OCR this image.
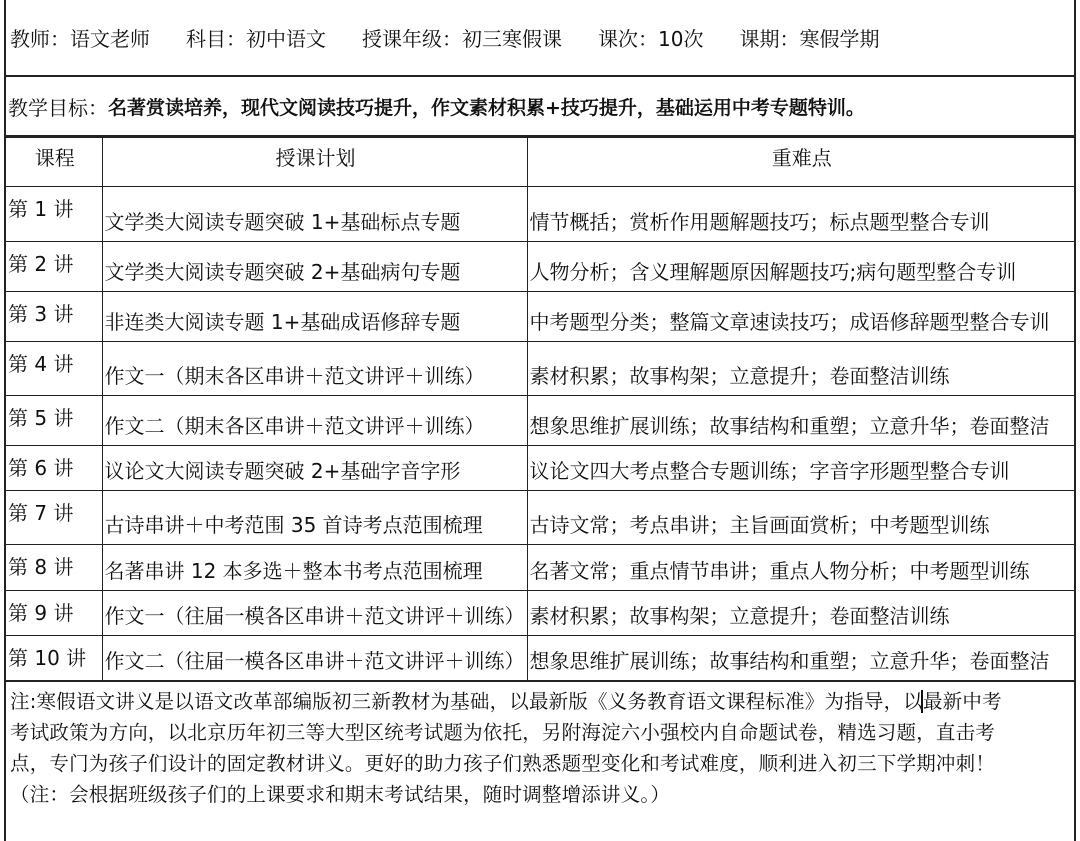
教师：语文老师 科目：初中语文 授课年级：初三寒假课 课次：10次 课期：寒假学期
教学目标： 名著赏读培养，现代文阅读技巧提升，作文素材积累+技巧提升，基础运用中考专题特训。
课程	授课计划	重难点
第 1 讲	文学类大阅读专题突破 1+基础标点专题	情节概括；赏析作用题解题技巧；标点题型整合专训
第 2 讲	文学类大阅读专题突破 2+基础病句专题	人物分析；含义理解题原因解题技巧;病句题型整合专训
第 3 讲	非连类大阅读专题 1+基础成语修辞专题	中考题型分类；整篇文章速读技巧；成语修辞题型整合专训
第 4 讲	作文一（期末各区串讲＋范文讲评＋训练）	素材积累；故事构架；立意提升；卷面整洁训练
第 5 讲	作文二（期末各区串讲＋范文讲评＋训练）	想象思维扩展训练；故事结构和重塑；立意升华；卷面整洁
第 6 讲	议论文大阅读专题突破 2+基础字音字形	议论文四大考点整合专题训练；字音字形题型整合专训
第 7 讲	古诗串讲＋中考范围 35 首诗考点范围梳理	古诗文常；考点串讲；主旨画面赏析；中考题型训练
第 8 讲	名著串讲 12 本多选＋整本书考点范围梳理	名著文常；重点情节串讲；重点人物分析；中考题型训练
第 9 讲	作文一（往届一模各区串讲＋范文讲评＋训练）	素材积累；故事构架；立意提升；卷面整洁训练
第 10 讲	作文二（往届一模各区串讲＋范文讲评＋训练）	想象思维扩展训练；故事结构和重塑；立意升华；卷面整洁

注:寒假语文讲义是以语文改革部编版初三新教材为基础，以最新版《义务教育语文课程标准》为指导，以最新中考

考试政策为方向，以北京历年初三等大型区统考试题为依托，另附海淀六小强校内自命题试卷，精选习题，直击考

点，专门为孩子们设计的固定教材讲义。更好的助力孩子们熟悉题型变化和考试难度，顺利进入初三下学期冲刺！

（注：会根据班级孩子们的上课要求和期末考试结果，随时调整增添讲义。）
